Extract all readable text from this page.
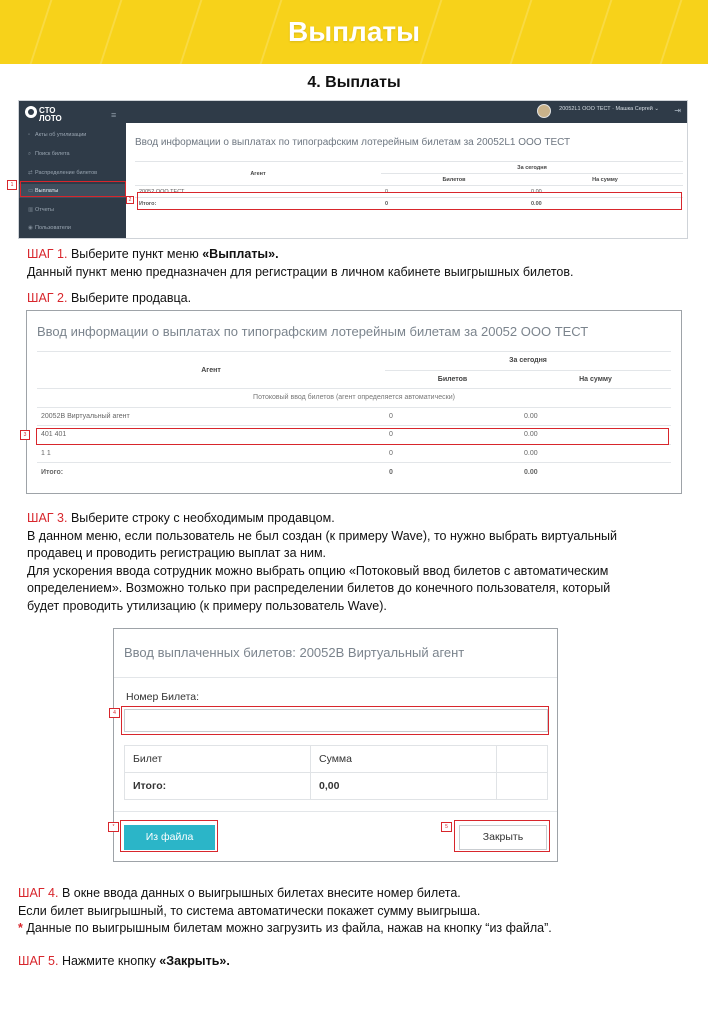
Выплаты
4. Выплаты
СТО
ЛОТО	≡
▫ Акты об утилизации
⌕ Поиск билета
⇄ Распределение билетов
▭ Выплаты
▥ Отчеты
◉ Пользователи
20052L1 ООО ТЕСТ · Машка Сергей ⌄ ⇥
Ввод информации о выплатах по типографским лотерейным билетам за 20052L1 ООО ТЕСТ
Агент	За сегодня	
	Билетов	На сумму
20052 ООО ТЕСТ	0	0.00
Итого:	0	0.00
2
1

ШАГ 1. Выберите пункт меню «Выплаты».

Данный пункт меню предназначен для регистрации в личном кабинете выигрышных билетов.

ШАГ 2. Выберите продавца.

Ввод информации о выплатах по типографским лотерейным билетам за 20052 ООО ТЕСТ
Агент	За сегодня	
	Билетов	На сумму
Потоковый ввод билетов (агент определяется автоматически)		
20052В Виртуальный агент	0	0.00
401 401	0	0.00
1 1	0	0.00
Итого:	0	0.00
3

ШАГ 3. Выберите строку с необходимым продавцом.

В данном меню, если пользователь не был создан (к примеру Wave), то нужно выбрать виртуальный

продавец и проводить регистрацию выплат за ним.

Для ускорения ввода сотрудник можно выбрать опцию «Потоковый ввод билетов с автоматическим

определением». Возможно только при распределении билетов до конечного пользователя, который

будет проводить утилизацию (к примеру пользователь Wave).

Ввод выплаченных билетов: 20052В Виртуальный агент
Номер Билета:
Билет	Сумма	
Итого:	0,00	
Из файла	Закрыть
4
*	5

ШАГ 4. В окне ввода данных о выигрышных билетах внесите номер билета.

Если билет выигрышный, то система автоматически покажет сумму выигрыша.

* Данные по выигрышным билетам можно загрузить из файла, нажав на кнопку “из файла”.

ШАГ 5. Нажмите кнопку «Закрыть».
